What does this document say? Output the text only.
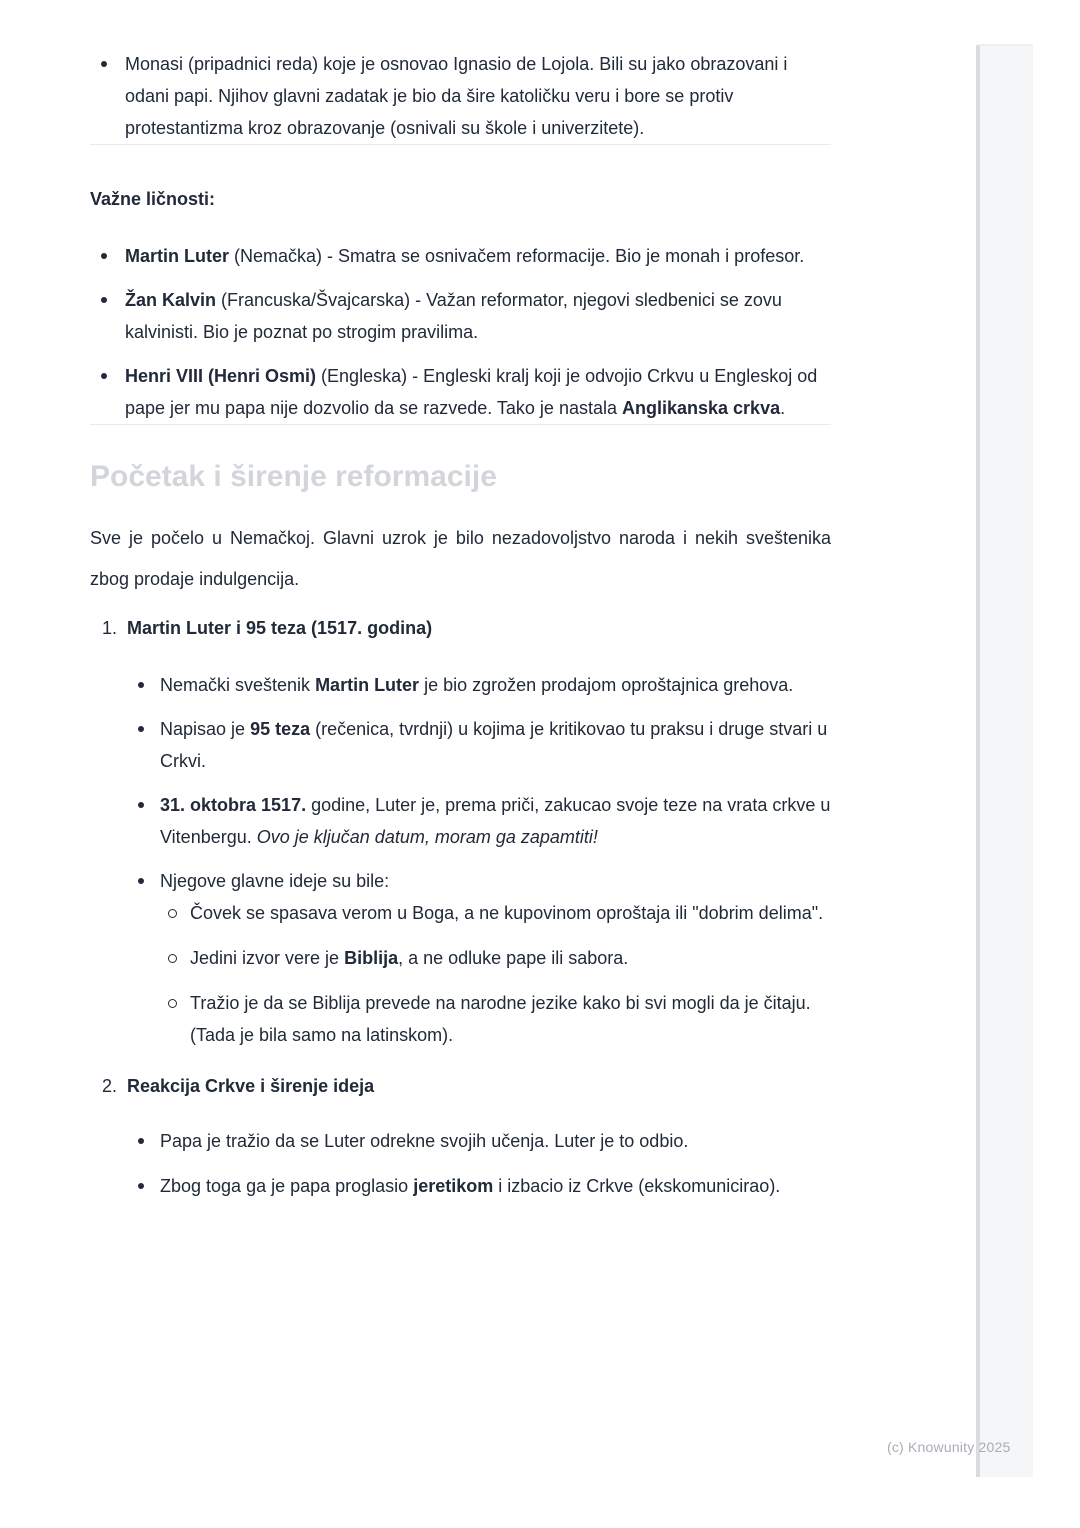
Monasi (pripadnici reda) koje je osnovao Ignasio de Lojola. Bili su jako obrazovani i odani papi. Njihov glavni zadatak je bio da šire katoličku veru i bore se protiv protestantizma kroz obrazovanje (osnivali su škole i univerzitete).

Važne ličnosti:

Martin Luter (Nemačka) - Smatra se osnivačem reformacije. Bio je monah i profesor.
Žan Kalvin (Francuska/Švajcarska) - Važan reformator, njegovi sledbenici se zovu kalvinisti. Bio je poznat po strogim pravilima.
Henri VIII (Henri Osmi) (Engleska) - Engleski kralj koji je odvojio Crkvu u Engleskoj od pape jer mu papa nije dozvolio da se razvede. Tako je nastala Anglikanska crkva.
Početak i širenje reformacije

Sve je počelo u Nemačkoj. Glavni uzrok je bilo nezadovoljstvo naroda i nekih sveštenika zbog prodaje indulgencija.

1. Martin Luter i 95 teza (1517. godina)
Nemački sveštenik Martin Luter je bio zgrožen prodajom oproštajnica grehova.
Napisao je 95 teza (rečenica, tvrdnji) u kojima je kritikovao tu praksu i druge stvari u Crkvi.
31. oktobra 1517. godine, Luter je, prema priči, zakucao svoje teze na vrata crkve u Vitenbergu. Ovo je ključan datum, moram ga zapamtiti!
Njegove glavne ideje su bile:
Čovek se spasava verom u Boga, a ne kupovinom oproštaja ili "dobrim delima".
Jedini izvor vere je Biblija, a ne odluke pape ili sabora.
Tražio je da se Biblija prevede na narodne jezike kako bi svi mogli da je čitaju. (Tada je bila samo na latinskom).
2. Reakcija Crkve i širenje ideja
Papa je tražio da se Luter odrekne svojih učenja. Luter je to odbio.
Zbog toga ga je papa proglasio jeretikom i izbacio iz Crkve (ekskomunicirao).
(c) Knowunity 2025
